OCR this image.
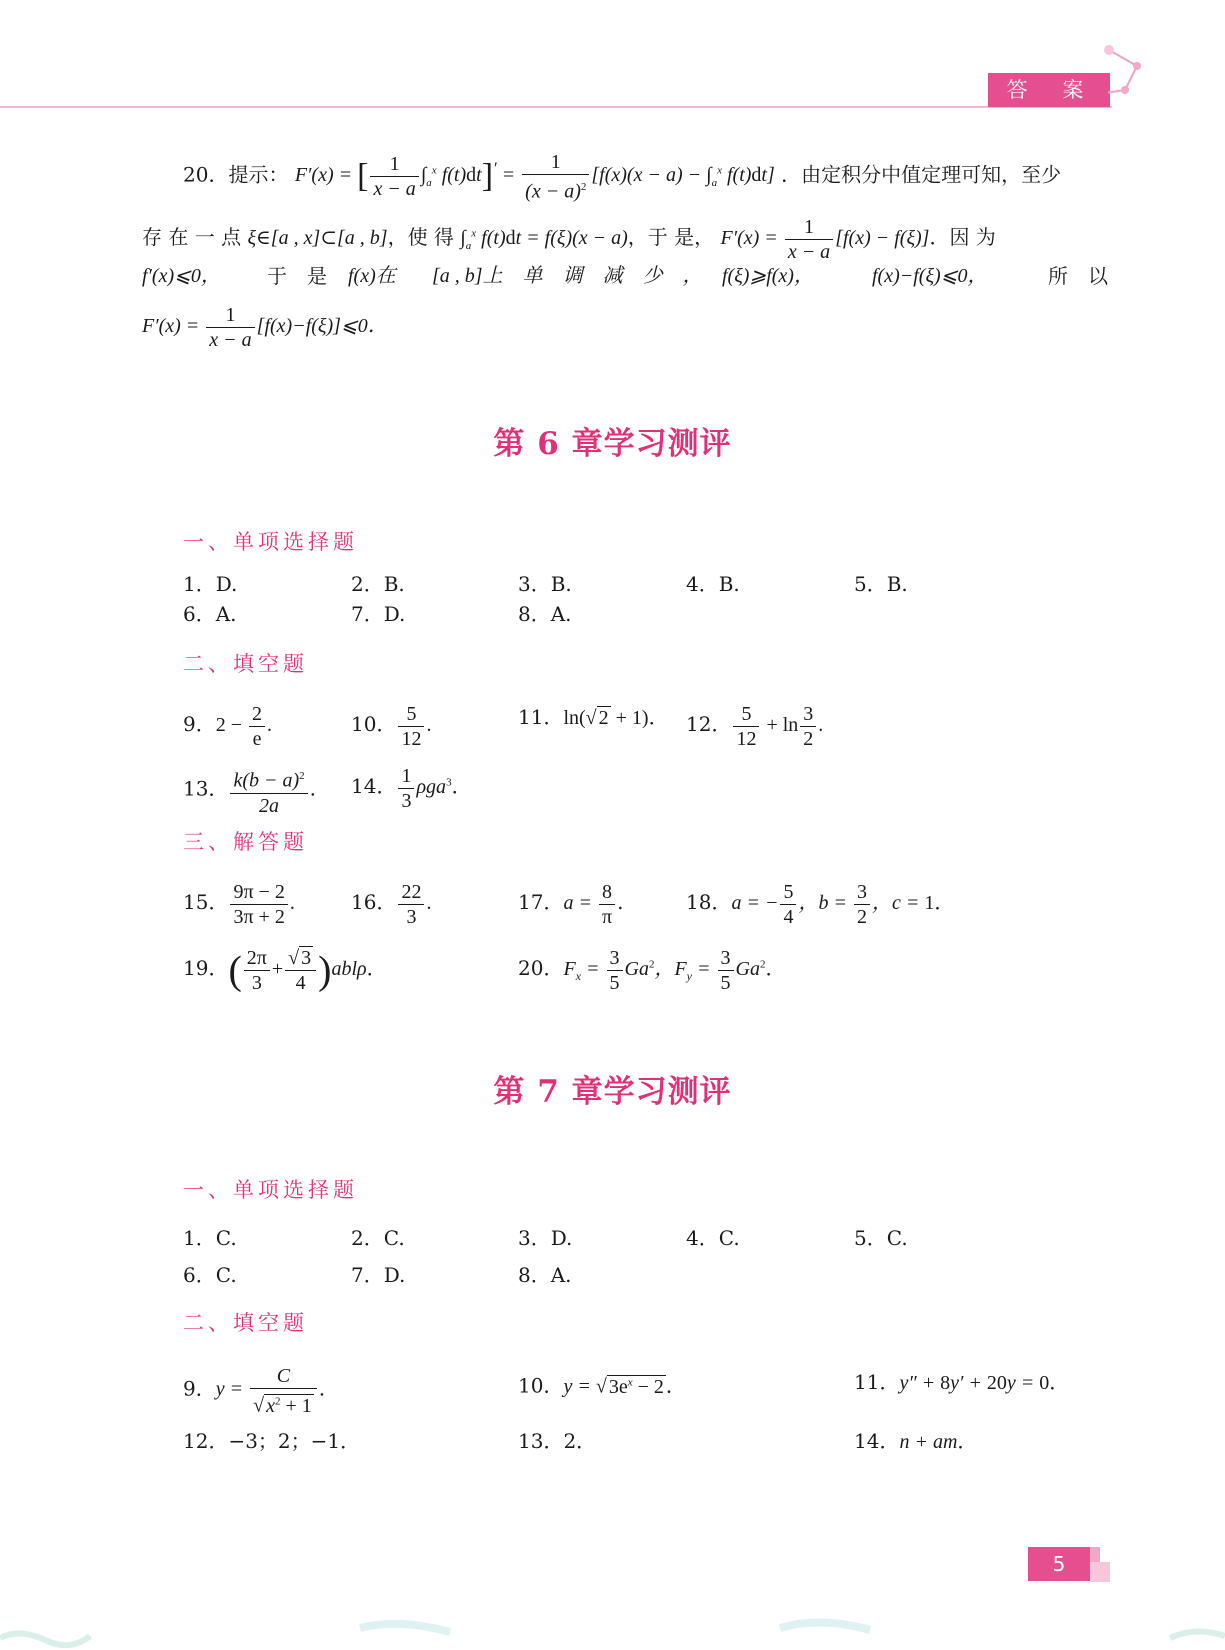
答 案
20．提示： F′(x) = [ $\frac{1}{x - a} \int_a^x$ $f(t)dt]' = \frac{1}{(x - a)^2} [f(x)(x - a) - \int_a^x$ f(t)dt] ．由定积分中值定理可知，至少
存 在 一 点 ξ∈[a , x]⊂[a , b]，使 得 $\int_a^x$ f(t)dt = f(ξ)(x − a)，于 是， $F'(x) = \frac{1}{x - a} [f(x) - f(\xi)]$．因 为
f′(x)⩽0， 于　是 f(x)在 [a , b]上　单　调　减　少　， f(ξ)⩾f(x)，	f(x)−f(ξ)⩽0，	所　以
$F'(x) = \frac{1}{x - a}$ [f(x)−f(ξ)]⩽0．
第 6 章学习测评
一、单项选择题
1．D.	2．B.	3．B.	4．B.	5．B.
6．A.	7．D.	8．A.
二、填空题
9．$2 - \frac{2}{e}$ .	10． $\frac{5}{12}$ .	11．ln(√ 2 + 1)． 12． $\frac{5}{12} + \ln \frac{3}{2}$ .
13． $\frac{k(b - a)^2}{2a}$ . 14． $\frac{1}{3} \rho ga^3$．
三、解答题
15． $\frac{9\pi - 2}{3\pi + 2}$ .	16． $\frac{22}{3}$ .	17．$a = \frac{8}{\pi}$ .	18．a = − $\frac{5}{4}$ ，$b = \frac{3}{2}$ ，c = 1．
19．( $\frac{2\pi}{3} + \frac{√ 3}{4} )abl\rho$．	20．$F_x = \frac{3}{5} Ga^2$，$F_y = \frac{3}{5} Ga^2$．
第 7 章学习测评
一、单项选择题
1．C.	2．C.	3．D.	4．C.	5．C.
6．C.	7．D.	8．A.
二、填空题
9．$y = \frac{C}{√ x^2 + 1}$ .	10．y = √ $3e^x - 2$ ．	11．y″ + 8y′ + 20y = 0．
12．−3；2；−1．	13．2．	14．n + am．
5
